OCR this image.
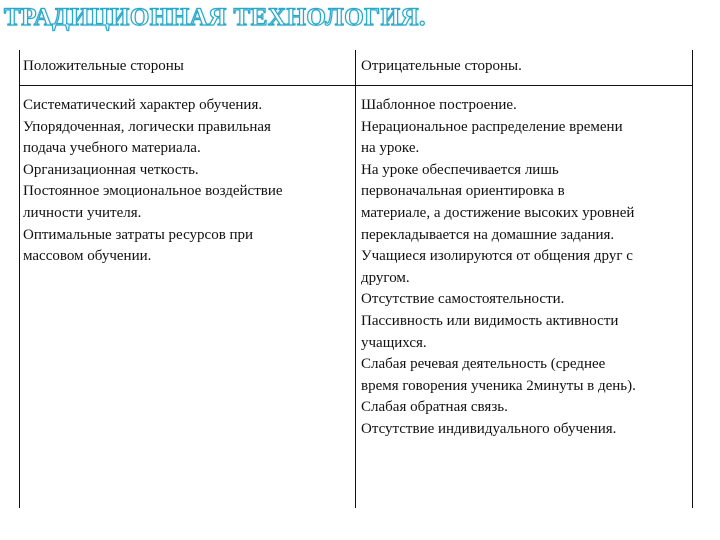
ТРАДИЦИОННАЯ ТЕХНОЛОГИЯ.
Положительные стороны	Отрицательные стороны.
Систематический характер обучения.
Упорядоченная, логически правильная
подача учебного материала.
Организационная четкость.
Постоянное эмоциональное воздействие
личности учителя.
Оптимальные затраты ресурсов при
массовом обучении.
Шаблонное построение.
Нерациональное распределение времени
на уроке.
На уроке обеспечивается лишь
первоначальная ориентировка в
материале, а достижение высоких уровней
перекладывается на домашние задания.
Учащиеся изолируются от общения друг с
другом.
Отсутствие самостоятельности.
Пассивность или видимость активности
учащихся.
Слабая речевая деятельность (среднее
время говорения ученика 2минуты в день).
Слабая обратная связь.
Отсутствие индивидуального обучения.
